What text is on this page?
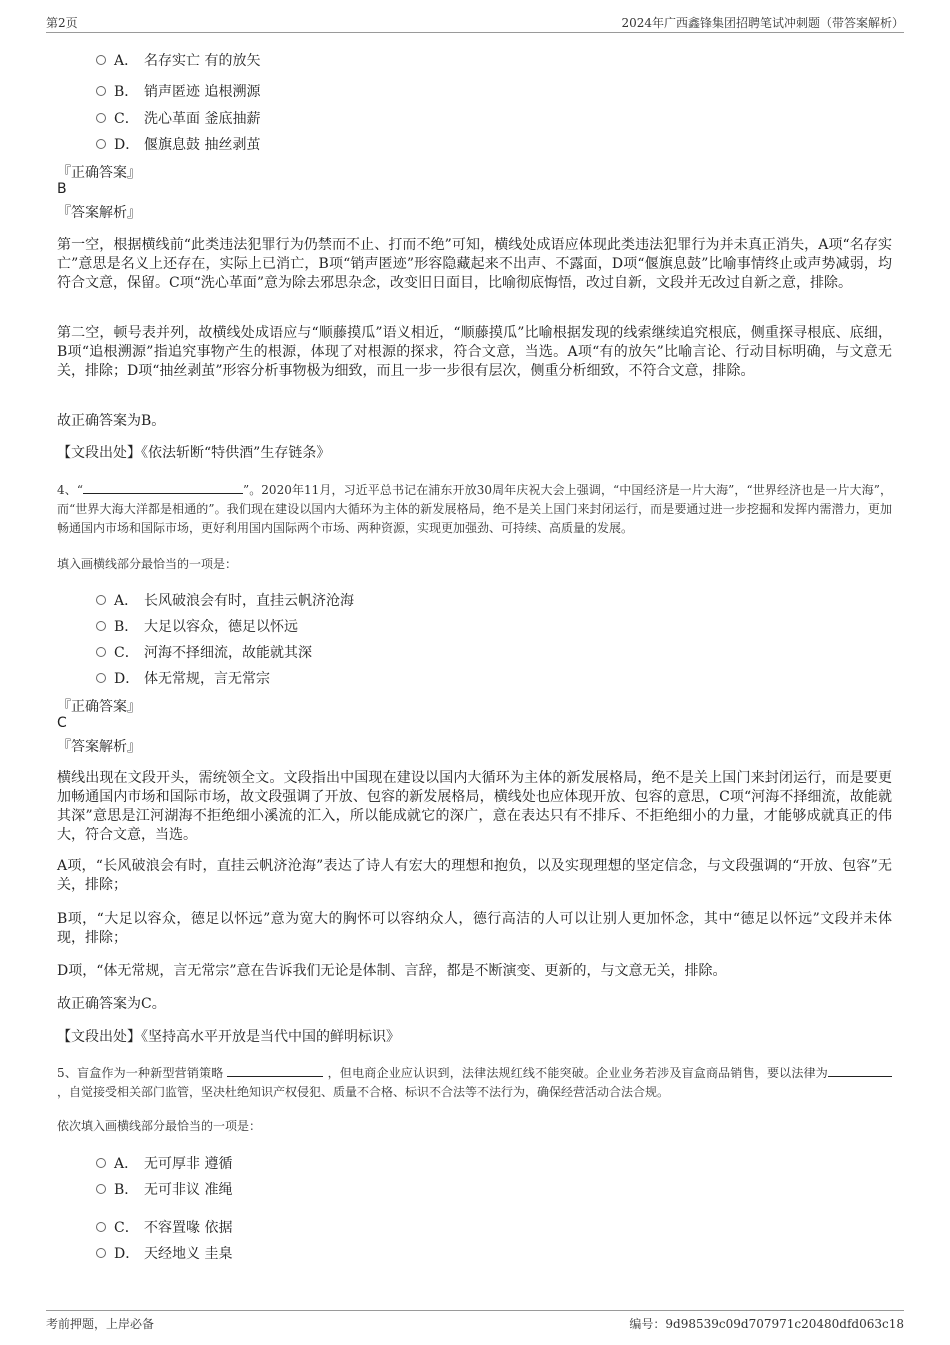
第2页	2024年广西鑫锋集团招聘笔试冲刺题（带答案解析）
A． 名存实亡 有的放矢
B． 销声匿迹 追根溯源
C． 洗心革面 釜底抽薪
D． 偃旗息鼓 抽丝剥茧
『正确答案』
B
『答案解析』
第一空，根据横线前“此类违法犯罪行为仍禁而不止、打而不绝”可知，横线处成语应体现此类违法犯罪行为并未真正消失，A项“名存实亡”意思是名义上还存在，实际上已消亡，B项“销声匿迹”形容隐藏起来不出声、不露面，D项“偃旗息鼓”比喻事情终止或声势减弱，均符合文意，保留。C项“洗心革面”意为除去邪思杂念，改变旧日面目，比喻彻底悔悟，改过自新，文段并无改过自新之意，排除。
第二空，顿号表并列，故横线处成语应与“顺藤摸瓜”语义相近，“顺藤摸瓜”比喻根据发现的线索继续追究根底，侧重探寻根底、底细，B项“追根溯源”指追究事物产生的根源，体现了对根源的探求，符合文意，当选。A项“有的放矢”比喻言论、行动目标明确，与文意无关，排除；D项“抽丝剥茧”形容分析事物极为细致，而且一步一步很有层次，侧重分析细致，不符合文意，排除。
故正确答案为B。
【文段出处】《依法斩断“特供酒”生存链条》
4、“	”。2020年11月，习近平总书记在浦东开放30周年庆祝大会上强调，“中国经济是一片大海”，“世界经济也是一片大海”，而“世界大海大洋都是相通的”。我们现在建设以国内大循环为主体的新发展格局，绝不是关上国门来封闭运行，而是要通过进一步挖掘和发挥内需潜力，更加畅通国内市场和国际市场，更好利用国内国际两个市场、两种资源，实现更加强劲、可持续、高质量的发展。
填入画横线部分最恰当的一项是：
A． 长风破浪会有时，直挂云帆济沧海
B． 大足以容众，德足以怀远
C． 河海不择细流，故能就其深
D． 体无常规，言无常宗
『正确答案』
C
『答案解析』
横线出现在文段开头，需统领全文。文段指出中国现在建设以国内大循环为主体的新发展格局，绝不是关上国门来封闭运行，而是要更加畅通国内市场和国际市场，故文段强调了开放、包容的新发展格局，横线处也应体现开放、包容的意思，C项“河海不择细流，故能就其深”意思是江河湖海不拒绝细小溪流的汇入，所以能成就它的深广，意在表达只有不排斥、不拒绝细小的力量，才能够成就真正的伟大，符合文意，当选。
A项，“长风破浪会有时，直挂云帆济沧海”表达了诗人有宏大的理想和抱负，以及实现理想的坚定信念，与文段强调的“开放、包容”无关，排除；
B项，“大足以容众，德足以怀远”意为宽大的胸怀可以容纳众人，德行高洁的人可以让别人更加怀念，其中“德足以怀远”文段并未体现，排除；
D项，“体无常规，言无常宗”意在告诉我们无论是体制、言辞，都是不断演变、更新的，与文意无关，排除。
故正确答案为C。
【文段出处】《坚持高水平开放是当代中国的鲜明标识》
5、盲盒作为一种新型营销策略	，但电商企业应认识到，法律法规红线不能突破。企业业务若涉及盲盒商品销售，要以法律为，自觉接受相关部门监管，坚决杜绝知识产权侵犯、质量不合格、标识不合法等不法行为，确保经营活动合法合规。
依次填入画横线部分最恰当的一项是：
A． 无可厚非 遵循
B． 无可非议 准绳
C． 不容置喙 依据
D． 天经地义 圭臬
考前押题，上岸必备	编号：9d98539c09d707971c20480dfd063c18
